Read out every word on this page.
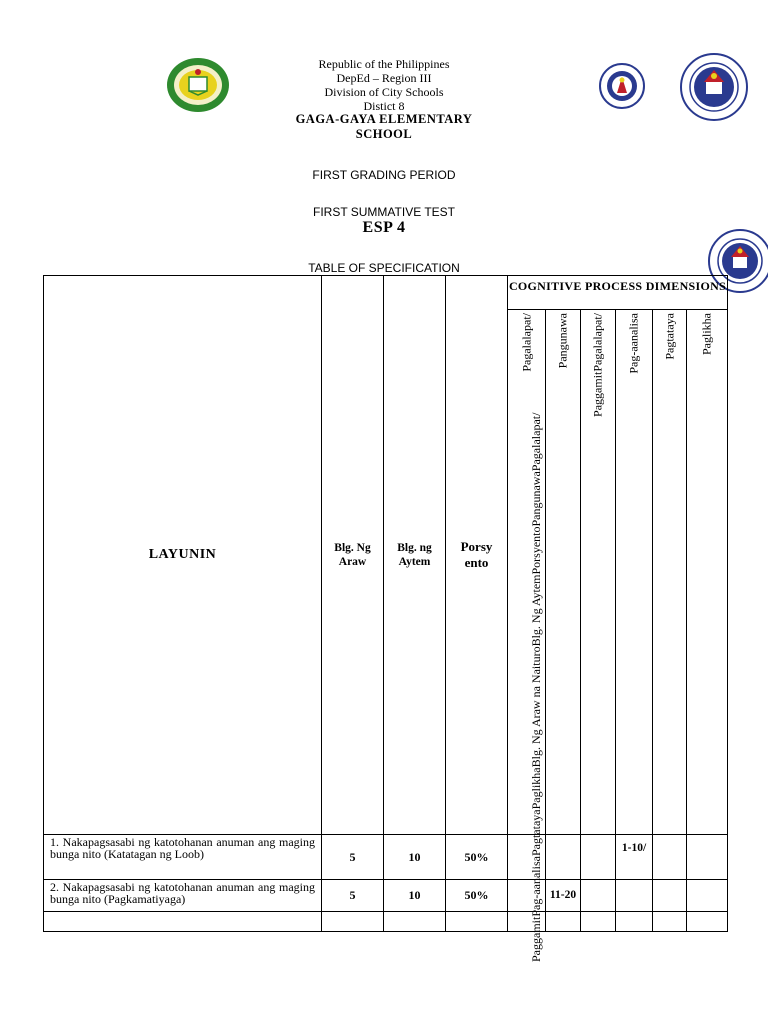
Republic of the Philippines
DepEd – Region III
Division of City Schools
Distict 8
GAGA-GAYA ELEMENTARY
SCHOOL
FIRST GRADING PERIOD
FIRST SUMMATIVE TEST
ESP 4
TABLE OF SPECIFICATION
LAYUNIN	Blg. Ng Araw	Blg. ng Aytem	Porsy ento	COGNITIVE PROCESS DIMENSIONS					

				Pagalalapat/	Pangunawa	PaggamitPagalalapat/	Pag-aanalisa	Pagtataya	Paglikha

1. Nakapagsasabi ng katotohanan anuman ang maging bunga nito (Katatagan ng Loob)	5	10	50%				1-10/		
2. Nakapagsasabi ng katotohanan anuman ang maging bunga nito (Pagkamatiyaga)	5	10	50%		11-20				

PaggamitPag-aanalisaPagtatayaPaglikhaBlg. Ng Araw na NaituroBlg. Ng AytemPorsyentoPangunawaPagalalapat/
